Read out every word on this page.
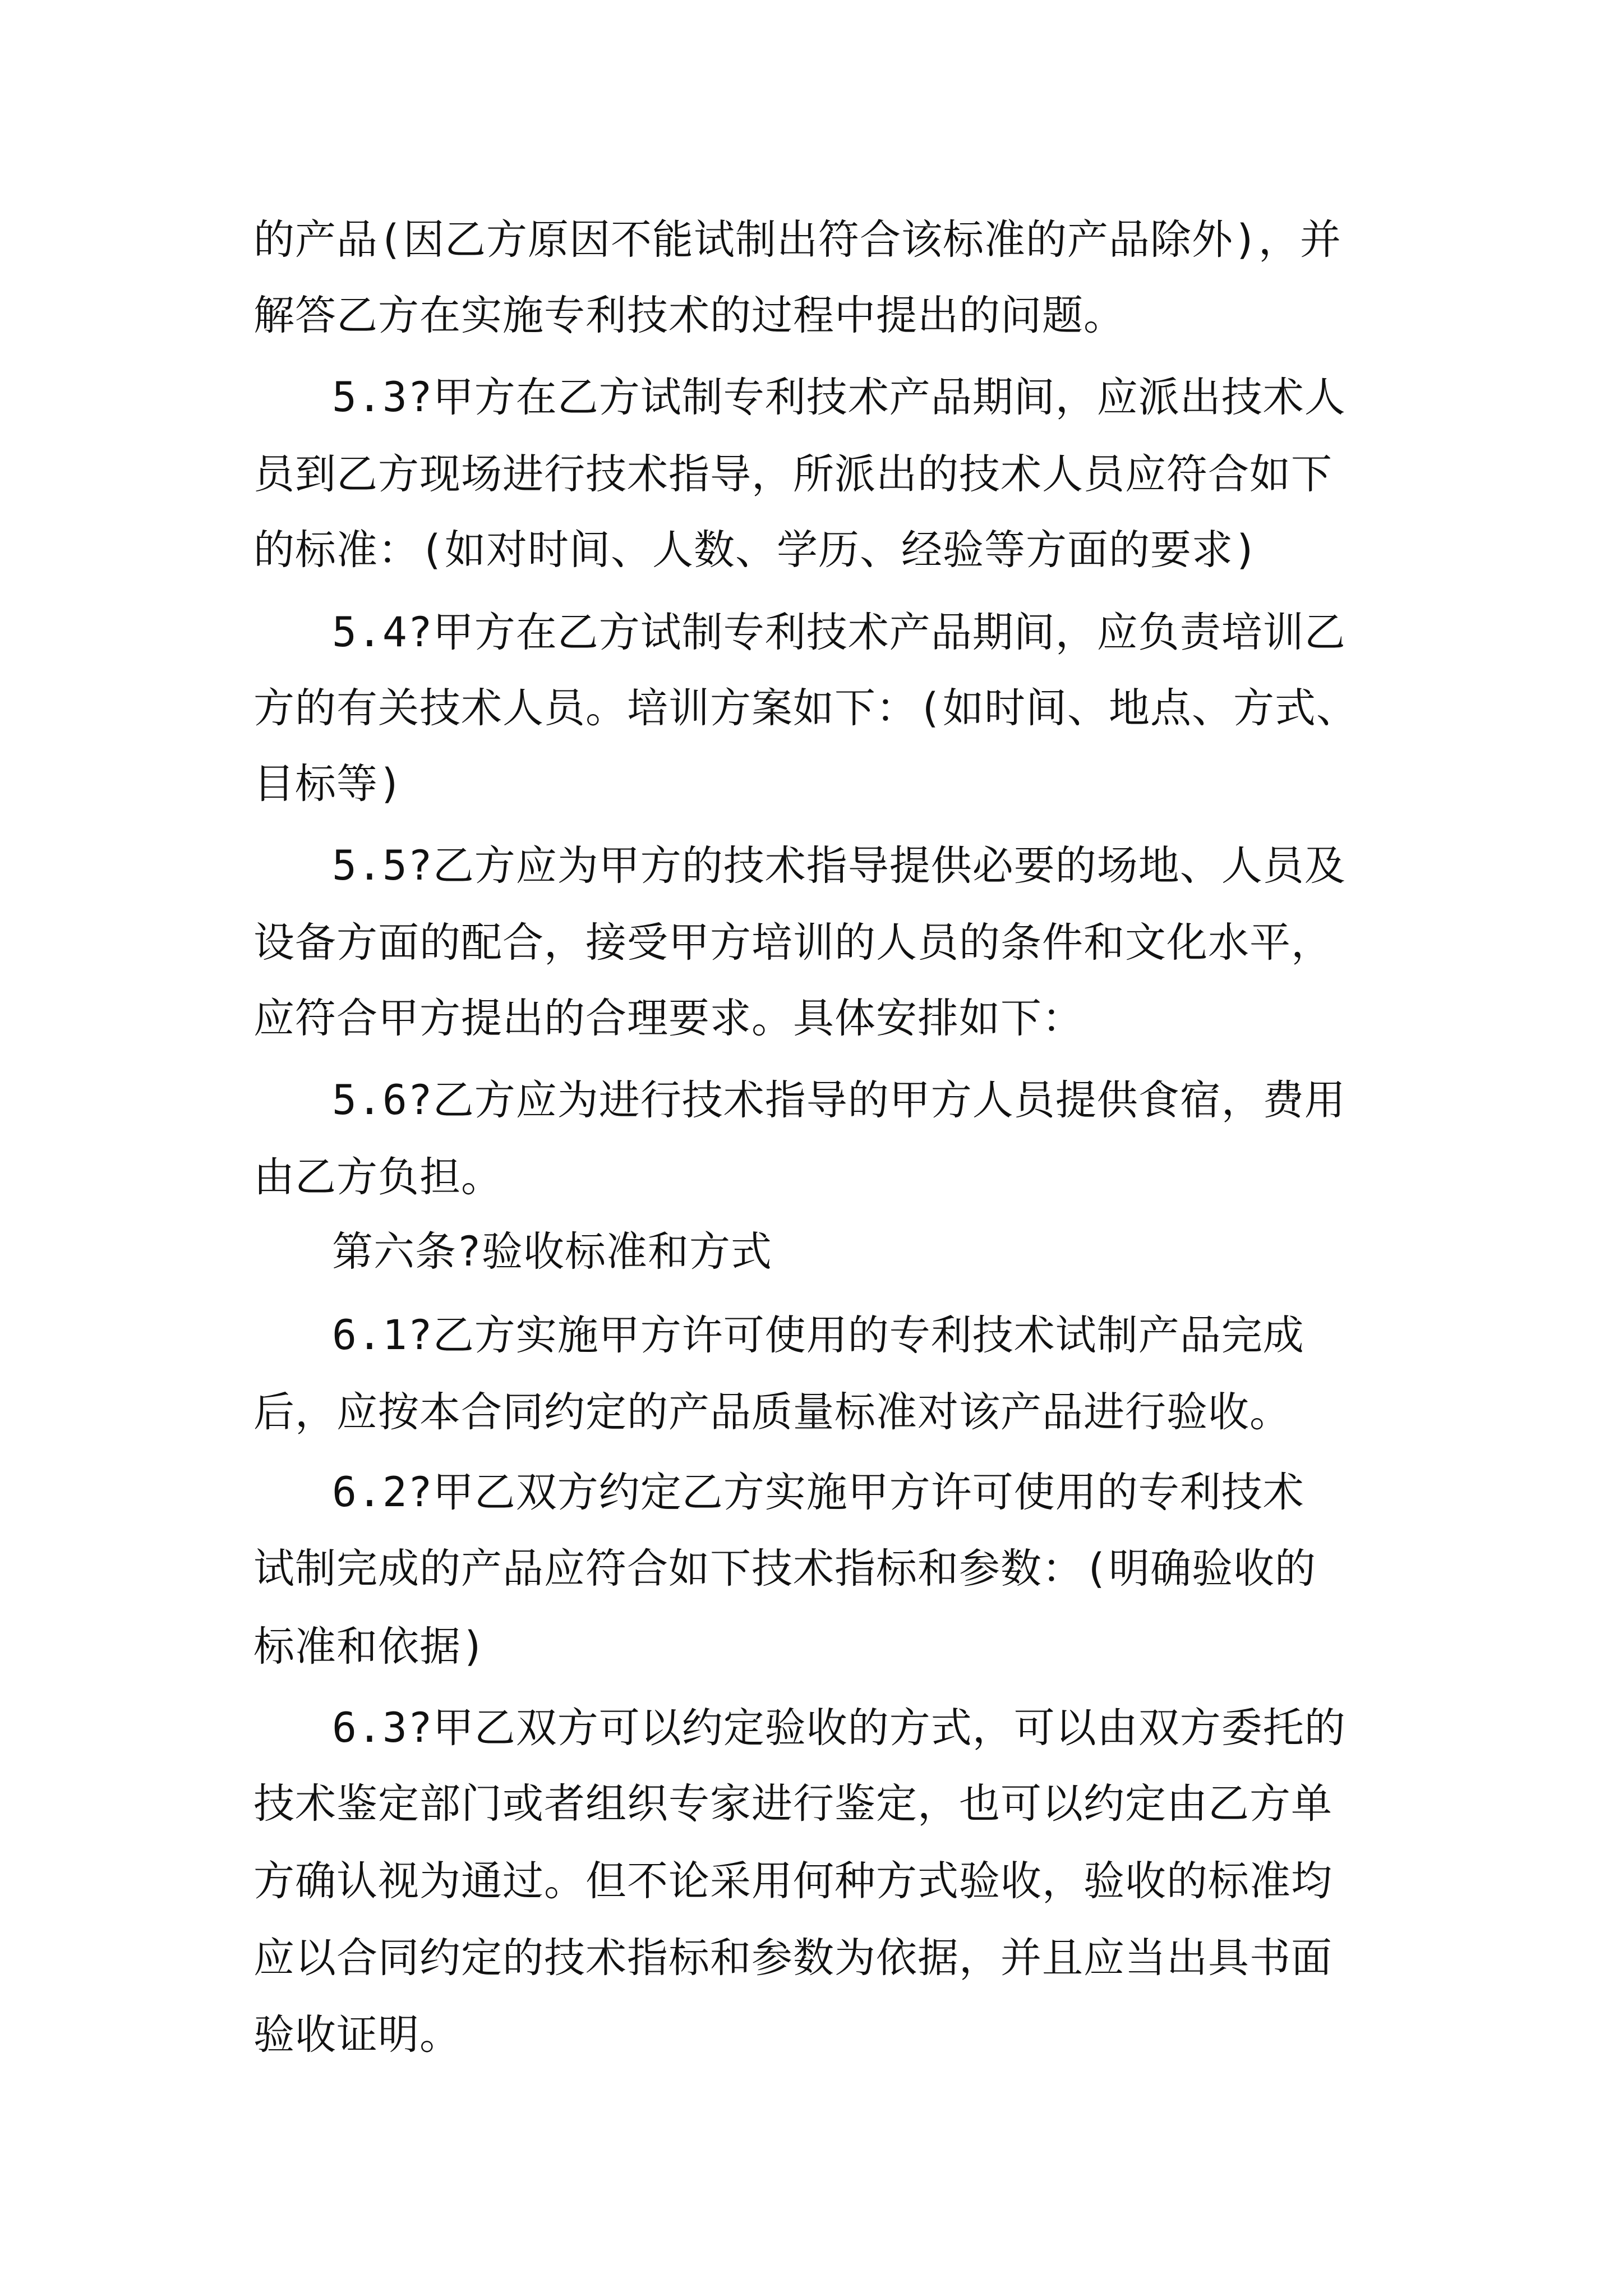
的产品(因乙方原因不能试制出符合该标准的产品除外)，并
解答乙方在实施专利技术的过程中提出的问题。
5.3?甲方在乙方试制专利技术产品期间，应派出技术人
员到乙方现场进行技术指导，所派出的技术人员应符合如下
的标准：(如对时间、人数、学历、经验等方面的要求)
5.4?甲方在乙方试制专利技术产品期间，应负责培训乙
方的有关技术人员。培训方案如下：(如时间、地点、方式、
目标等)
5.5?乙方应为甲方的技术指导提供必要的场地、人员及
设备方面的配合，接受甲方培训的人员的条件和文化水平，
应符合甲方提出的合理要求。具体安排如下：
5.6?乙方应为进行技术指导的甲方人员提供食宿，费用
由乙方负担。
第六条?验收标准和方式
6.1?乙方实施甲方许可使用的专利技术试制产品完成
后，应按本合同约定的产品质量标准对该产品进行验收。
6.2?甲乙双方约定乙方实施甲方许可使用的专利技术
试制完成的产品应符合如下技术指标和参数：(明确验收的
标准和依据)
6.3?甲乙双方可以约定验收的方式，可以由双方委托的
技术鉴定部门或者组织专家进行鉴定，也可以约定由乙方单
方确认视为通过。但不论采用何种方式验收，验收的标准均
应以合同约定的技术指标和参数为依据，并且应当出具书面
验收证明。
